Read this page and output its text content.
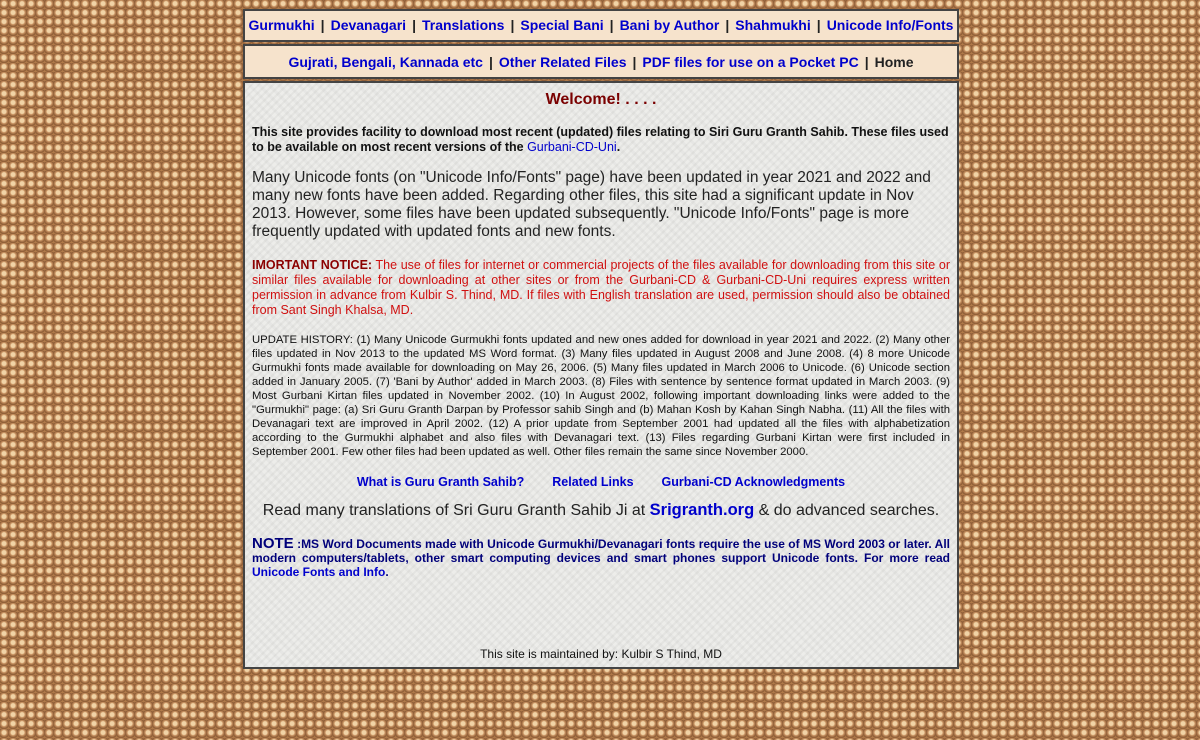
Gurmukhi | Devanagari | Translations | Special Bani | Bani by Author | Shahmukhi | Unicode Info/Fonts
Gujrati, Bengali, Kannada etc | Other Related Files | PDF files for use on a Pocket PC | Home
Welcome! . . . .
This site provides facility to download most recent (updated) files relating to Siri Guru Granth Sahib. These files used to be available on most recent versions of the Gurbani-CD-Uni.
Many Unicode fonts (on "Unicode Info/Fonts" page) have been updated in year 2021 and 2022 and many new fonts have been added. Regarding other files, this site had a significant update in Nov 2013. However, some files have been updated subsequently. "Unicode Info/Fonts" page is more frequently updated with updated fonts and new fonts.
IMORTANT NOTICE: The use of files for internet or commercial projects of the files available for downloading from this site or similar files available for downloading at other sites or from the Gurbani-CD & Gurbani-CD-Uni requires express written permission in advance from Kulbir S. Thind, MD. If files with English translation are used, permission should also be obtained from Sant Singh Khalsa, MD.
UPDATE HISTORY: (1) Many Unicode Gurmukhi fonts updated and new ones added for download in year 2021 and 2022. (2) Many other files updated in Nov 2013 to the updated MS Word format. (3) Many files updated in August 2008 and June 2008. (4) 8 more Unicode Gurmukhi fonts made available for downloading on May 26, 2006. (5) Many files updated in March 2006 to Unicode. (6) Unicode section added in January 2005. (7) 'Bani by Author' added in March 2003. (8) Files with sentence by sentence format updated in March 2003. (9) Most Gurbani Kirtan files updated in November 2002. (10) In August 2002, following important downloading links were added to the "Gurmukhi" page: (a) Sri Guru Granth Darpan by Professor sahib Singh and (b) Mahan Kosh by Kahan Singh Nabha. (11) All the files with Devanagari text are improved in April 2002. (12) A prior update from September 2001 had updated all the files with alphabetization according to the Gurmukhi alphabet and also files with Devanagari text. (13) Files regarding Gurbani Kirtan were first included in September 2001. Few other files had been updated as well. Other files remain the same since November 2000.
What is Guru Granth Sahib? Related Links Gurbani-CD Acknowledgments
Read many translations of Sri Guru Granth Sahib Ji at Srigranth.org & do advanced searches.
NOTE :MS Word Documents made with Unicode Gurmukhi/Devanagari fonts require the use of MS Word 2003 or later. All modern computers/tablets, other smart computing devices and smart phones support Unicode fonts. For more read Unicode Fonts and Info.
This site is maintained by: Kulbir S Thind, MD
